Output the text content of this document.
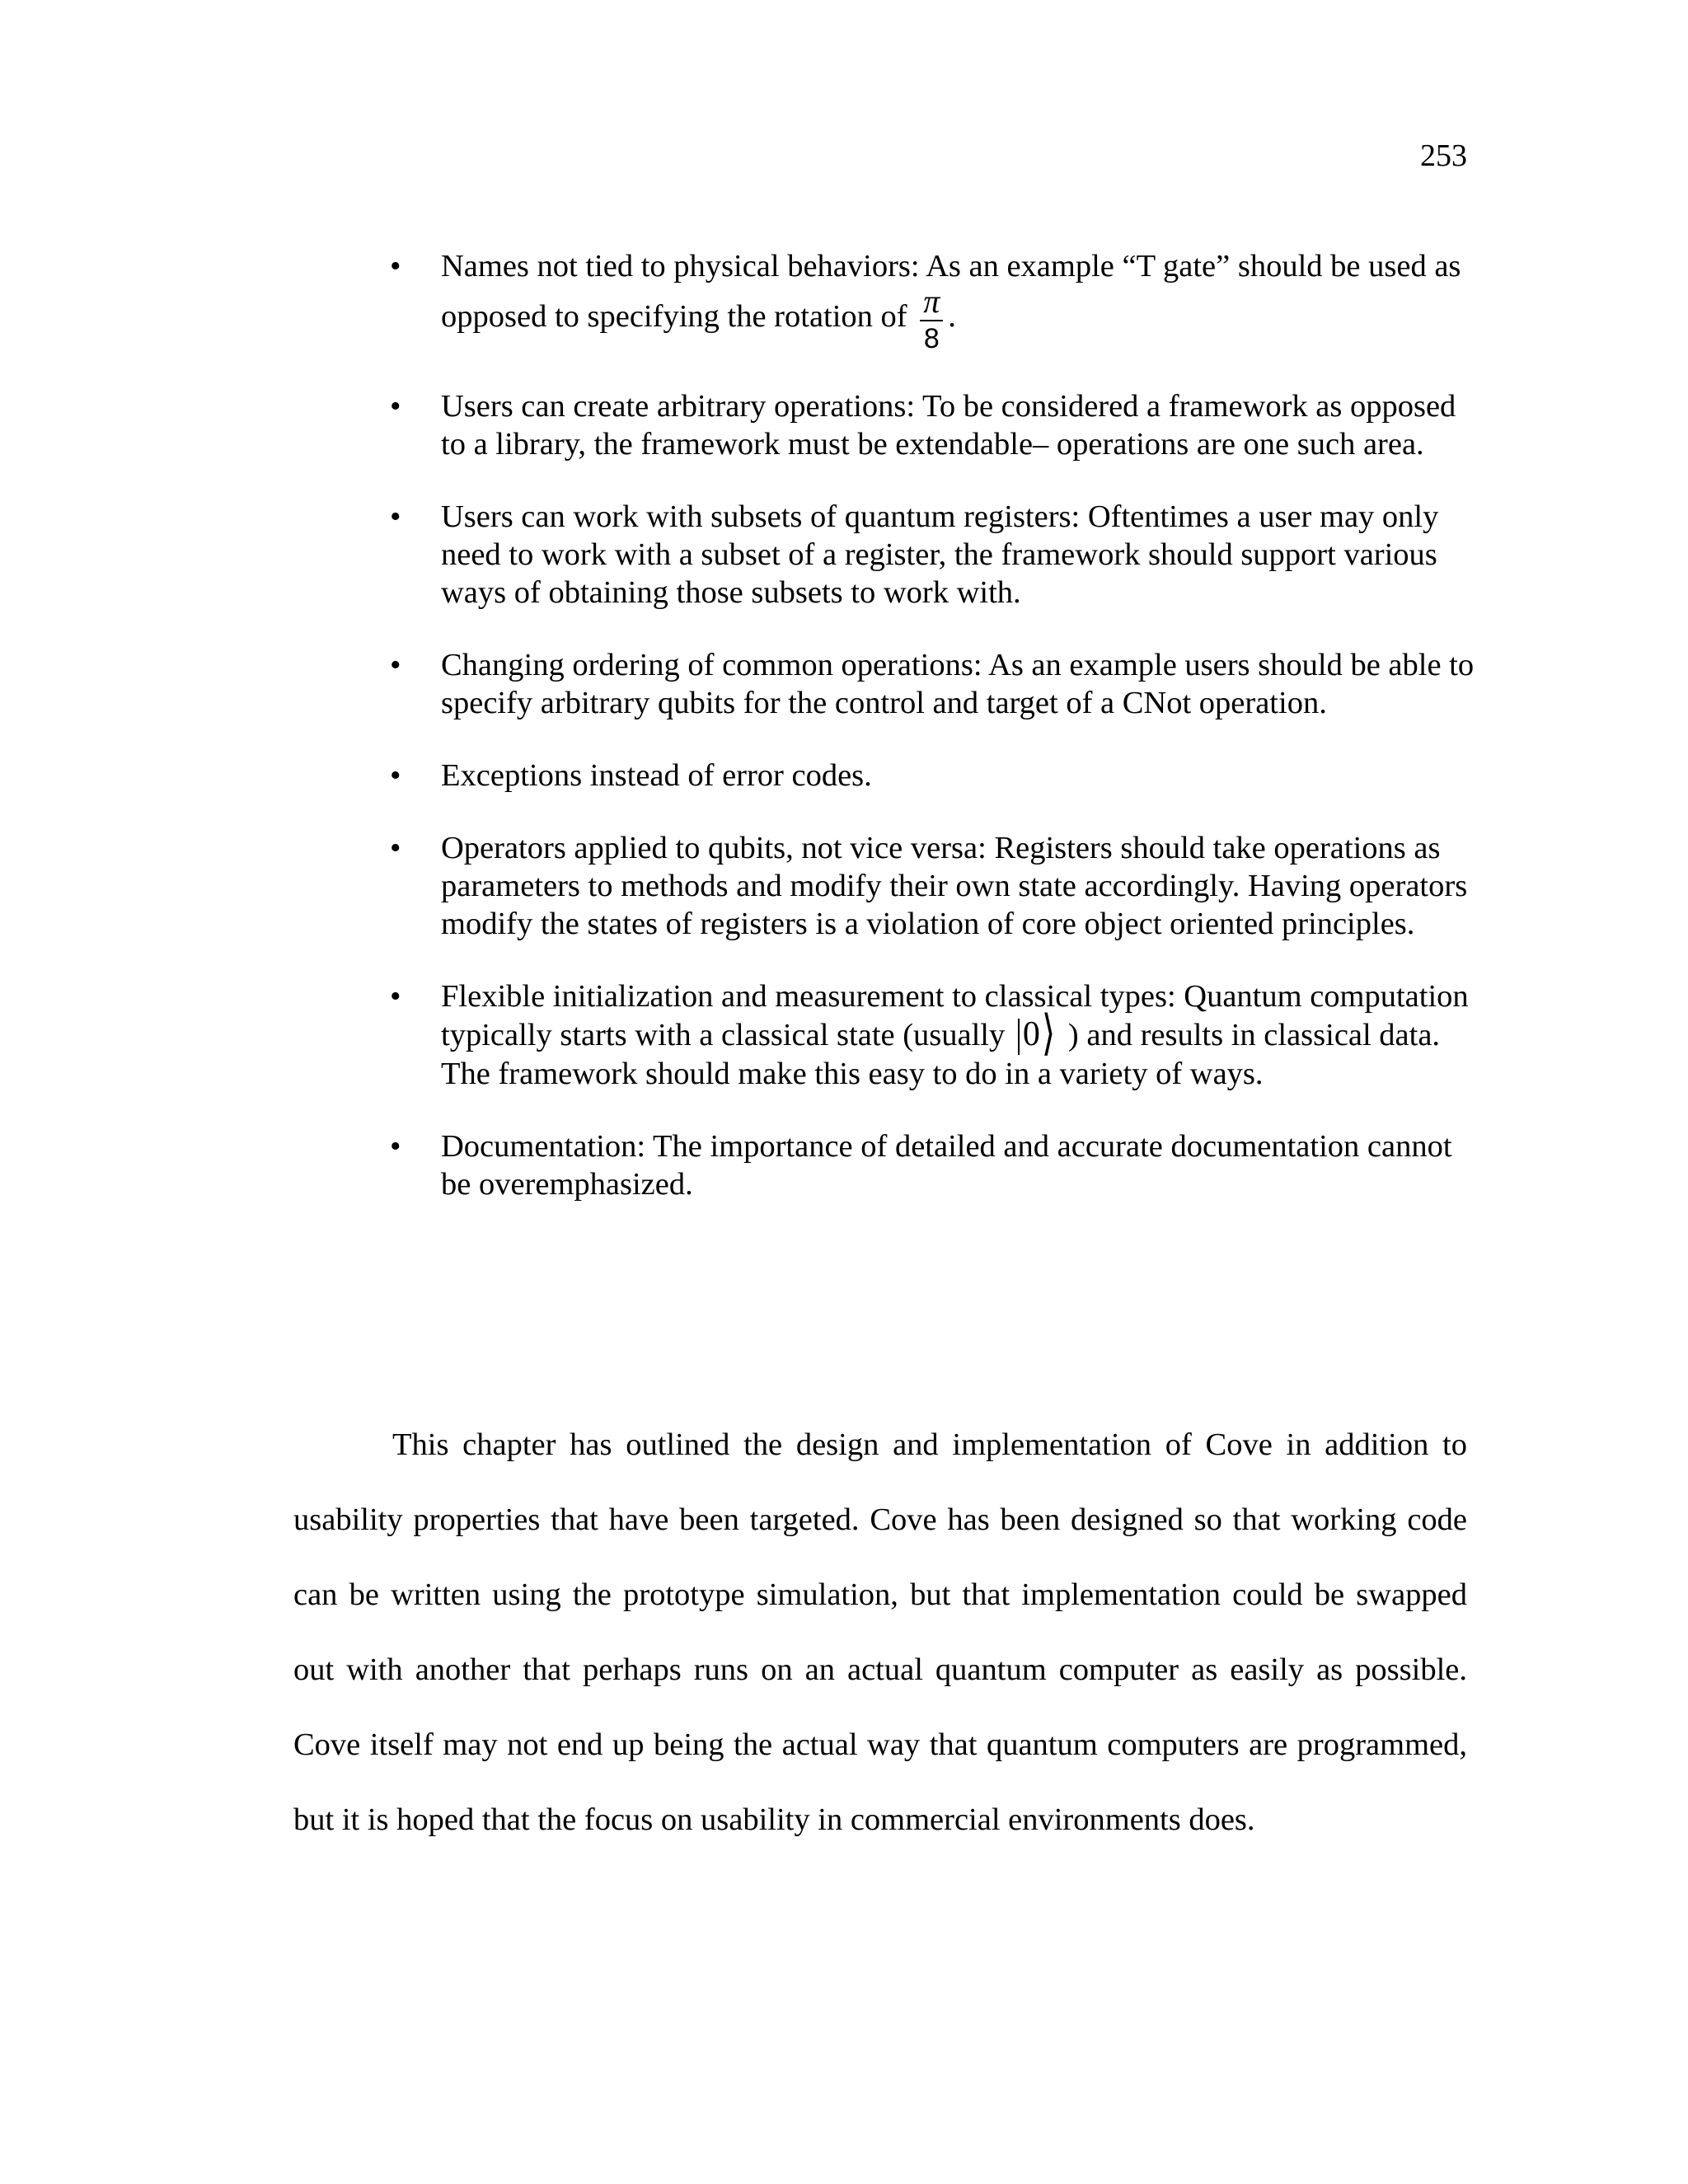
253
• Names not tied to physical behaviors: As an example “T gate” should be used as opposed to specifying the rotation of $\frac{\pi}{8}$ .
• Users can create arbitrary operations: To be considered a framework as opposed to a library, the framework must be extendable– operations are one such area.
• Users can work with subsets of quantum registers: Oftentimes a user may only need to work with a subset of a register, the framework should support various ways of obtaining those subsets to work with.
• Changing ordering of common operations: As an example users should be able to specify arbitrary qubits for the control and target of a CNot operation.
• Exceptions instead of error codes.
• Operators applied to qubits, not vice versa: Registers should take operations as parameters to methods and modify their own state accordingly. Having operators modify the states of registers is a violation of core object oriented principles.
• Flexible initialization and measurement to classical types: Quantum computation typically starts with a classical state (usually 0⟩ ) and results in classical data. The framework should make this easy to do in a variety of ways.
• Documentation: The importance of detailed and accurate documentation cannot be overemphasized.

This chapter has outlined the design and implementation of Cove in addition to usability properties that have been targeted. Cove has been designed so that working code can be written using the prototype simulation, but that implementation could be swapped out with another that perhaps runs on an actual quantum computer as easily as possible. Cove itself may not end up being the actual way that quantum computers are programmed, but it is hoped that the focus on usability in commercial environments does.
